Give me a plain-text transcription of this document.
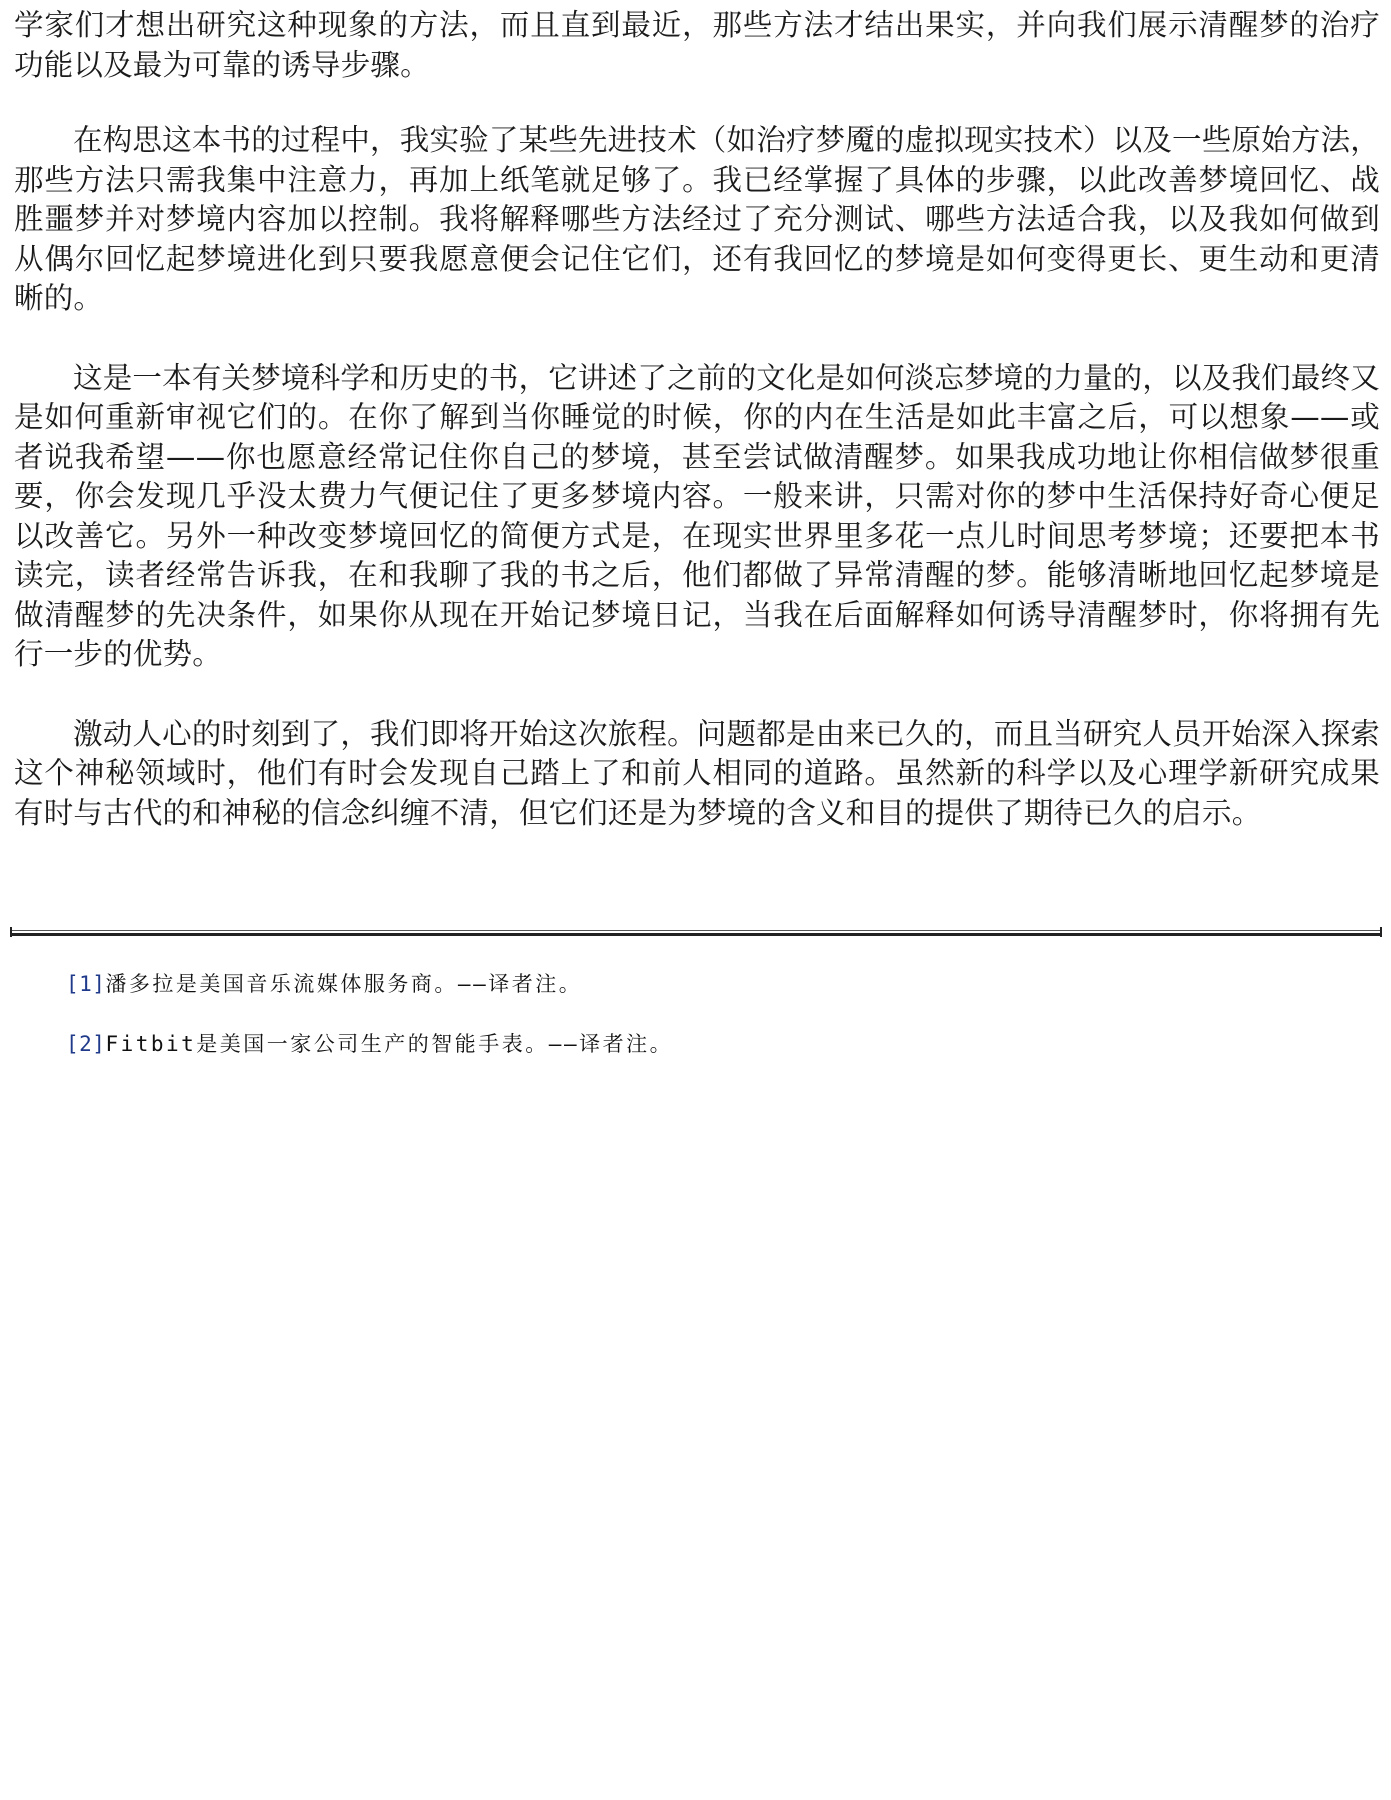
学家们才想出研究这种现象的方法，而且直到最近，那些方法才结出果实，并向我们展示清醒梦的治疗功能以及最为可靠的诱导步骤。

在构思这本书的过程中，我实验了某些先进技术（如治疗梦魇的虚拟现实技术）以及一些原始方法，那些方法只需我集中注意力，再加上纸笔就足够了。我已经掌握了具体的步骤，以此改善梦境回忆、战胜噩梦并对梦境内容加以控制。我将解释哪些方法经过了充分测试、哪些方法适合我，以及我如何做到从偶尔回忆起梦境进化到只要我愿意便会记住它们，还有我回忆的梦境是如何变得更长、更生动和更清晰的。

这是一本有关梦境科学和历史的书，它讲述了之前的文化是如何淡忘梦境的力量的，以及我们最终又是如何重新审视它们的。在你了解到当你睡觉的时候，你的内在生活是如此丰富之后，可以想象——或者说我希望——你也愿意经常记住你自己的梦境，甚至尝试做清醒梦。如果我成功地让你相信做梦很重要，你会发现几乎没太费力气便记住了更多梦境内容。一般来讲，只需对你的梦中生活保持好奇心便足以改善它。另外一种改变梦境回忆的简便方式是，在现实世界里多花一点儿时间思考梦境；还要把本书读完，读者经常告诉我，在和我聊了我的书之后，他们都做了异常清醒的梦。能够清晰地回忆起梦境是做清醒梦的先决条件，如果你从现在开始记梦境日记，当我在后面解释如何诱导清醒梦时，你将拥有先行一步的优势。

激动人心的时刻到了，我们即将开始这次旅程。问题都是由来已久的，而且当研究人员开始深入探索这个神秘领域时，他们有时会发现自己踏上了和前人相同的道路。虽然新的科学以及心理学新研究成果有时与古代的和神秘的信念纠缠不清，但它们还是为梦境的含义和目的提供了期待已久的启示。

[1]潘多拉是美国音乐流媒体服务商。——译者注。

[2]Fitbit是美国一家公司生产的智能手表。——译者注。
